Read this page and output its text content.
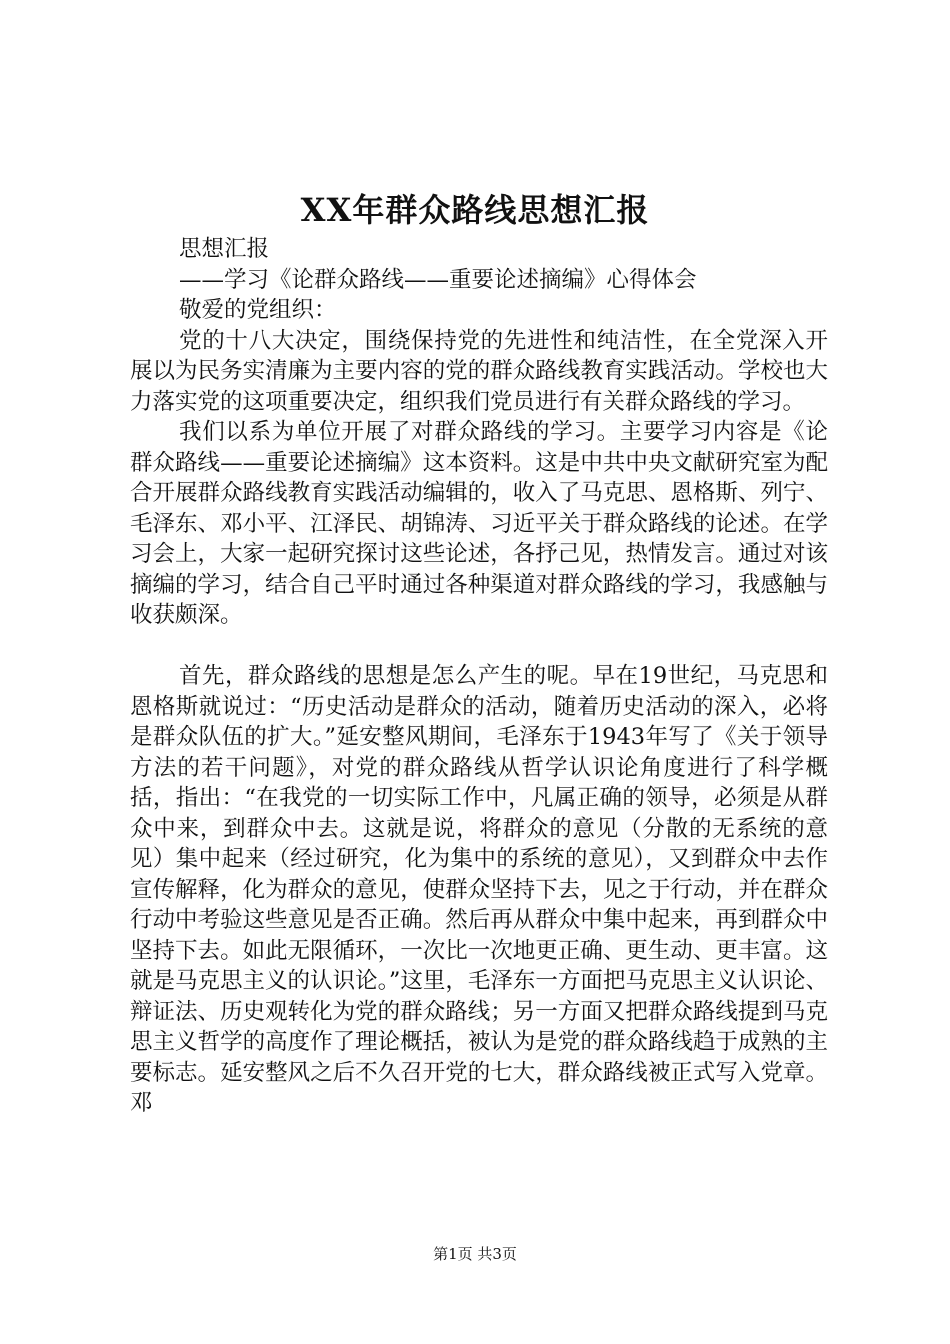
XX年群众路线思想汇报

思想汇报

——学习《论群众路线——重要论述摘编》心得体会

敬爱的党组织：

党的十八大决定，围绕保持党的先进性和纯洁性，在全党深入开展以为民务实清廉为主要内容的党的群众路线教育实践活动。学校也大力落实党的这项重要决定，组织我们党员进行有关群众路线的学习。

我们以系为单位开展了对群众路线的学习。主要学习内容是《论群众路线——重要论述摘编》这本资料。这是中共中央文献研究室为配合开展群众路线教育实践活动编辑的，收入了马克思、恩格斯、列宁、毛泽东、邓小平、江泽民、胡锦涛、习近平关于群众路线的论述。在学习会上，大家一起研究探讨这些论述，各抒己见，热情发言。通过对该摘编的学习，结合自己平时通过各种渠道对群众路线的学习，我感触与收获颇深。

首先，群众路线的思想是怎么产生的呢。早在19世纪，马克思和恩格斯就说过：“历史活动是群众的活动，随着历史活动的深入，必将是群众队伍的扩大。”延安整风期间，毛泽东于1943年写了《关于领导方法的若干问题》，对党的群众路线从哲学认识论角度进行了科学概括，指出：“在我党的一切实际工作中，凡属正确的领导，必须是从群众中来，到群众中去。这就是说，将群众的意见（分散的无系统的意见）集中起来（经过研究，化为集中的系统的意见），又到群众中去作宣传解释，化为群众的意见，使群众坚持下去，见之于行动，并在群众行动中考验这些意见是否正确。然后再从群众中集中起来，再到群众中坚持下去。如此无限循环，一次比一次地更正确、更生动、更丰富。这就是马克思主义的认识论。”这里，毛泽东一方面把马克思主义认识论、辩证法、历史观转化为党的群众路线；另一方面又把群众路线提到马克思主义哲学的高度作了理论概括，被认为是党的群众路线趋于成熟的主要标志。延安整风之后不久召开党的七大，群众路线被正式写入党章。邓

第1页 共3页
